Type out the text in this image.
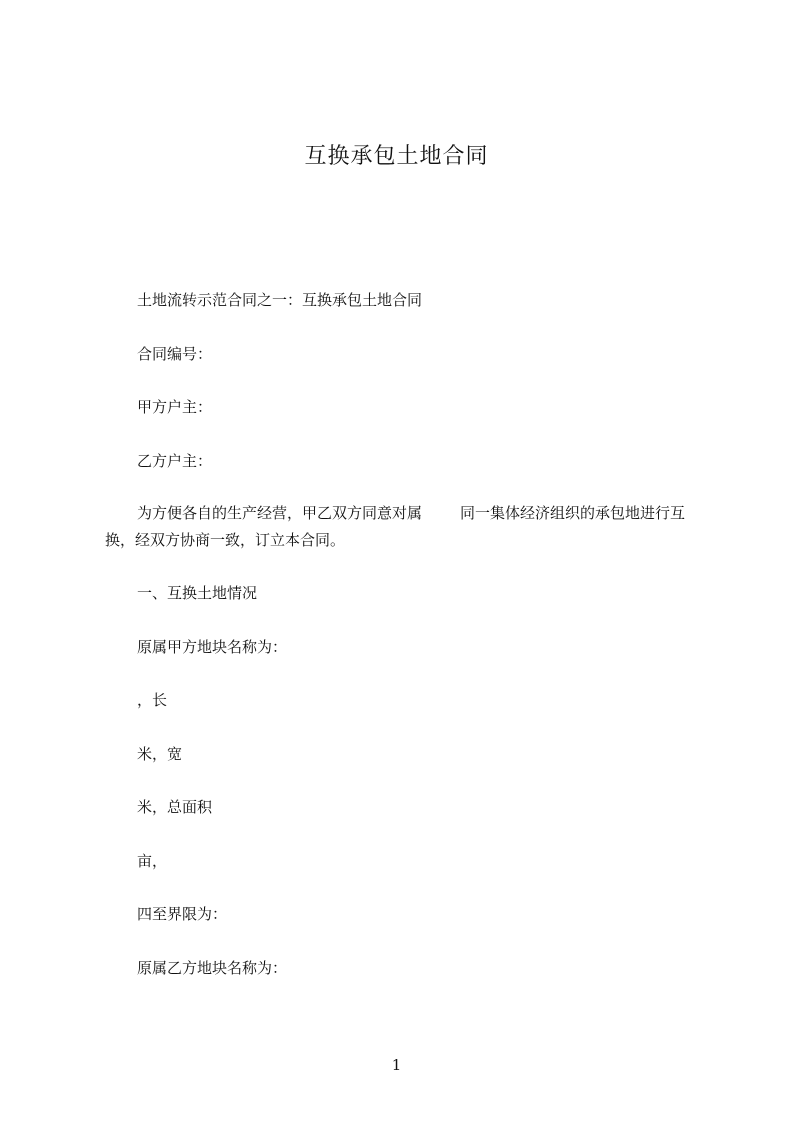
互换承包土地合同

土地流转示范合同之一：互换承包土地合同

合同编号：

甲方户主：

乙方户主：

为方便各自的生产经营，甲乙双方同意对属	同一集体经济组织的承包地进行互换，经双方协商一致，订立本合同。

一、互换土地情况

原属甲方地块名称为：

，长

米，宽

米，总面积

亩，

四至界限为：

原属乙方地块名称为：

1
